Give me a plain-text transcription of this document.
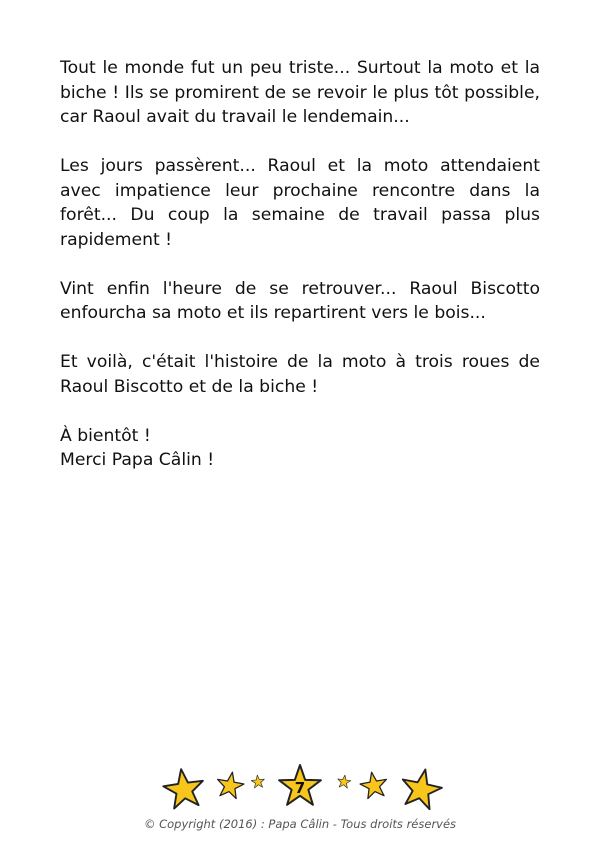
Tout le monde fut un peu triste... Surtout la moto et la biche ! Ils se promirent de se revoir le plus tôt possible, car Raoul avait du travail le lendemain...

Les jours passèrent... Raoul et la moto attendaient avec impatience leur prochaine rencontre dans la forêt... Du coup la semaine de travail passa plus rapidement !

Vint enfin l'heure de se retrouver... Raoul Biscotto enfourcha sa moto et ils repartirent vers le bois...

Et voilà, c'était l'histoire de la moto à trois roues de Raoul Biscotto et de la biche !

À bientôt !
Merci Papa Câlin !

7
© Copyright (2016) : Papa Câlin - Tous droits réservés
